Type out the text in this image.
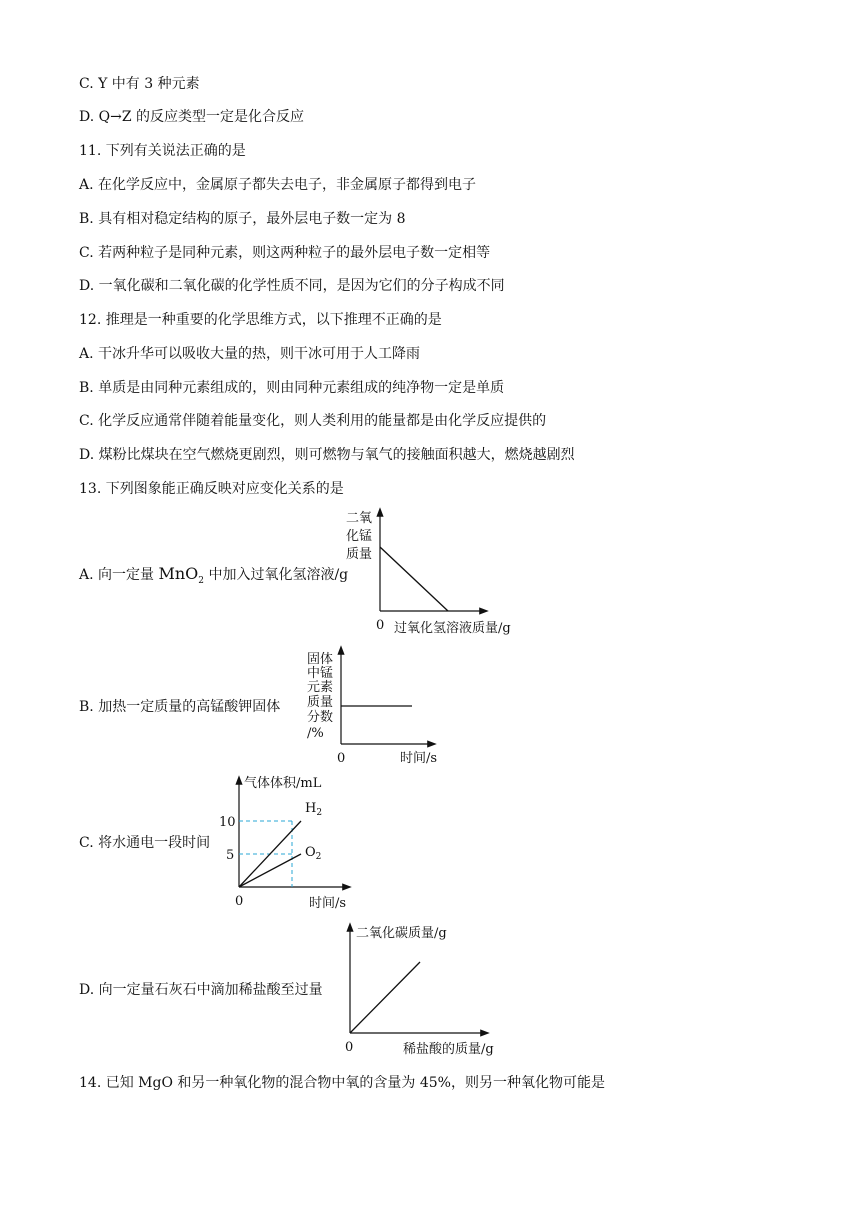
C. Y 中有 3 种元素
D. Q→Z 的反应类型一定是化合反应
11. 下列有关说法正确的是
A. 在化学反应中，金属原子都失去电子，非金属原子都得到电子
B. 具有相对稳定结构的原子，最外层电子数一定为 8
C. 若两种粒子是同种元素，则这两种粒子的最外层电子数一定相等
D. 一氧化碳和二氧化碳的化学性质不同，是因为它们的分子构成不同
12. 推理是一种重要的化学思维方式，以下推理不正确的是
A. 干冰升华可以吸收大量的热，则干冰可用于人工降雨
B. 单质是由同种元素组成的，则由同种元素组成的纯净物一定是单质
C. 化学反应通常伴随着能量变化，则人类利用的能量都是由化学反应提供的
D. 煤粉比煤块在空气燃烧更剧烈，则可燃物与氧气的接触面积越大，燃烧越剧烈
13. 下列图象能正确反映对应变化关系的是
A. 向一定量 MnO$_2$ 中加入过氧化氢溶液/g
B. 加热一定质量的高锰酸钾固体
C. 将水通电一段时间
D. 向一定量石灰石中滴加稀盐酸至过量
14. 已知 MgO 和另一种氧化物的混合物中氧的含量为 45%，则另一种氧化物可能是
二氧
化锰
质量
0 过氧化氢溶液质量/g
固体
中锰
元素
质量
分数
/%
0	时间/s
气体体积/mL
10
5
0	时间/s
$H_2$
$O_2$
二氧化碳质量/g
0	稀盐酸的质量/g
